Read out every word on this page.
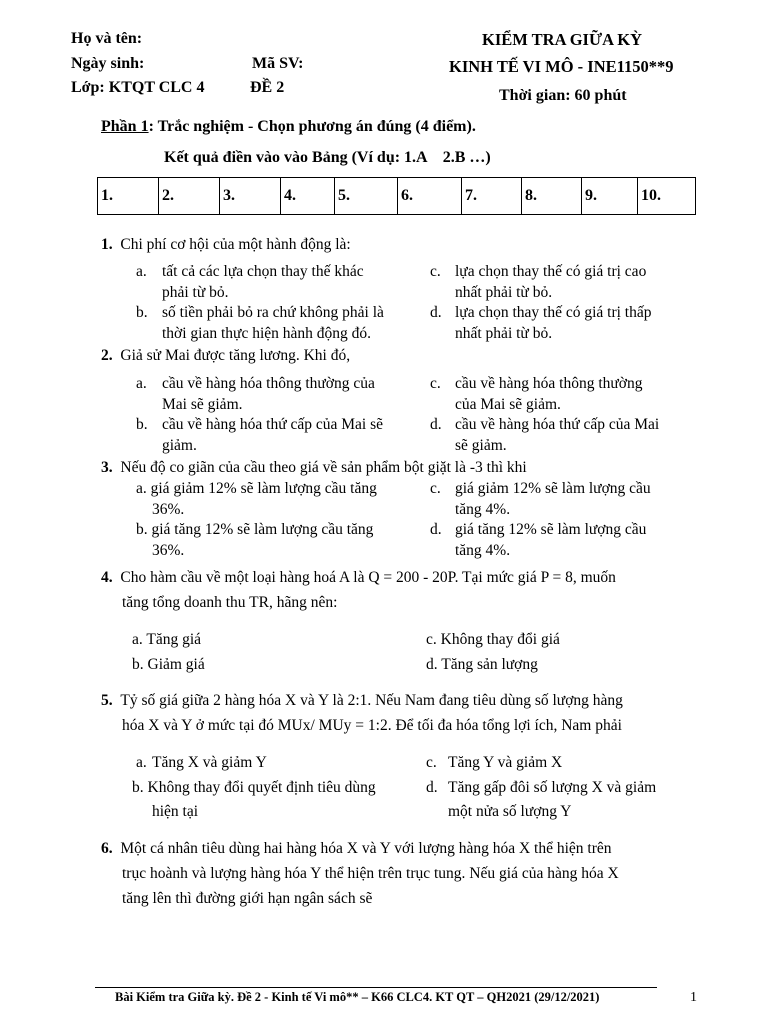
Họ và tên:
Ngày sinh:	Mã SV:
Lớp: KTQT CLC 4	ĐỀ 2
KIỂM TRA GIỮA KỲ
KINH TẾ VI MÔ - INE1150**9
Thời gian: 60 phút
Phần 1: Trắc nghiệm - Chọn phương án đúng (4 điểm).
Kết quả điền vào vào Bảng (Ví dụ: 1.A    2.B …)
1.	2.	3.	4.	5.	6.	7.	8.	9.	10.
1. Chi phí cơ hội của một hành động là:
a. tất cả các lựa chọn thay thế khác
phải từ bỏ.
b. số tiền phải bỏ ra chứ không phải là
thời gian thực hiện hành động đó.
c. lựa chọn thay thế có giá trị cao
nhất phải từ bỏ.
d. lựa chọn thay thế có giá trị thấp
nhất phải từ bỏ.
2. Giả sử Mai được tăng lương. Khi đó,
a. cầu về hàng hóa thông thường của
Mai sẽ giảm.
b. cầu về hàng hóa thứ cấp của Mai sẽ
giảm.
c. cầu về hàng hóa thông thường
của Mai sẽ giảm.
d. cầu về hàng hóa thứ cấp của Mai
sẽ giảm.
3. Nếu độ co giãn của cầu theo giá về sản phẩm bột giặt là -3 thì khi
a. giá giảm 12% sẽ làm lượng cầu tăng
36%.
b. giá tăng 12% sẽ làm lượng cầu tăng
36%.
c. giá giảm 12% sẽ làm lượng cầu
tăng 4%.
d. giá tăng 12% sẽ làm lượng cầu
tăng 4%.
4. Cho hàm cầu về một loại hàng hoá A là Q = 200 - 20P. Tại mức giá P = 8, muốn
tăng tổng doanh thu TR, hãng nên:
a. Tăng giá
b. Giảm giá
c. Không thay đổi giá
d. Tăng sản lượng
5. Tỷ số giá giữa 2 hàng hóa X và Y là 2:1. Nếu Nam đang tiêu dùng số lượng hàng
hóa X và Y ở mức tại đó MUx/ MUy = 1:2. Để tối đa hóa tổng lợi ích, Nam phải
a. Tăng X và giảm Y
b. Không thay đổi quyết định tiêu dùng
hiện tại
c. Tăng Y và giảm X
d. Tăng gấp đôi số lượng X và giảm
một nửa số lượng Y
6. Một cá nhân tiêu dùng hai hàng hóa X và Y với lượng hàng hóa X thể hiện trên
trục hoành và lượng hàng hóa Y thể hiện trên trục tung. Nếu giá của hàng hóa X
tăng lên thì đường giới hạn ngân sách sẽ
Bài Kiểm tra Giữa kỳ. Đề 2 - Kinh tế Vi mô** – K66 CLC4. KT QT – QH2021 (29/12/2021)	1
